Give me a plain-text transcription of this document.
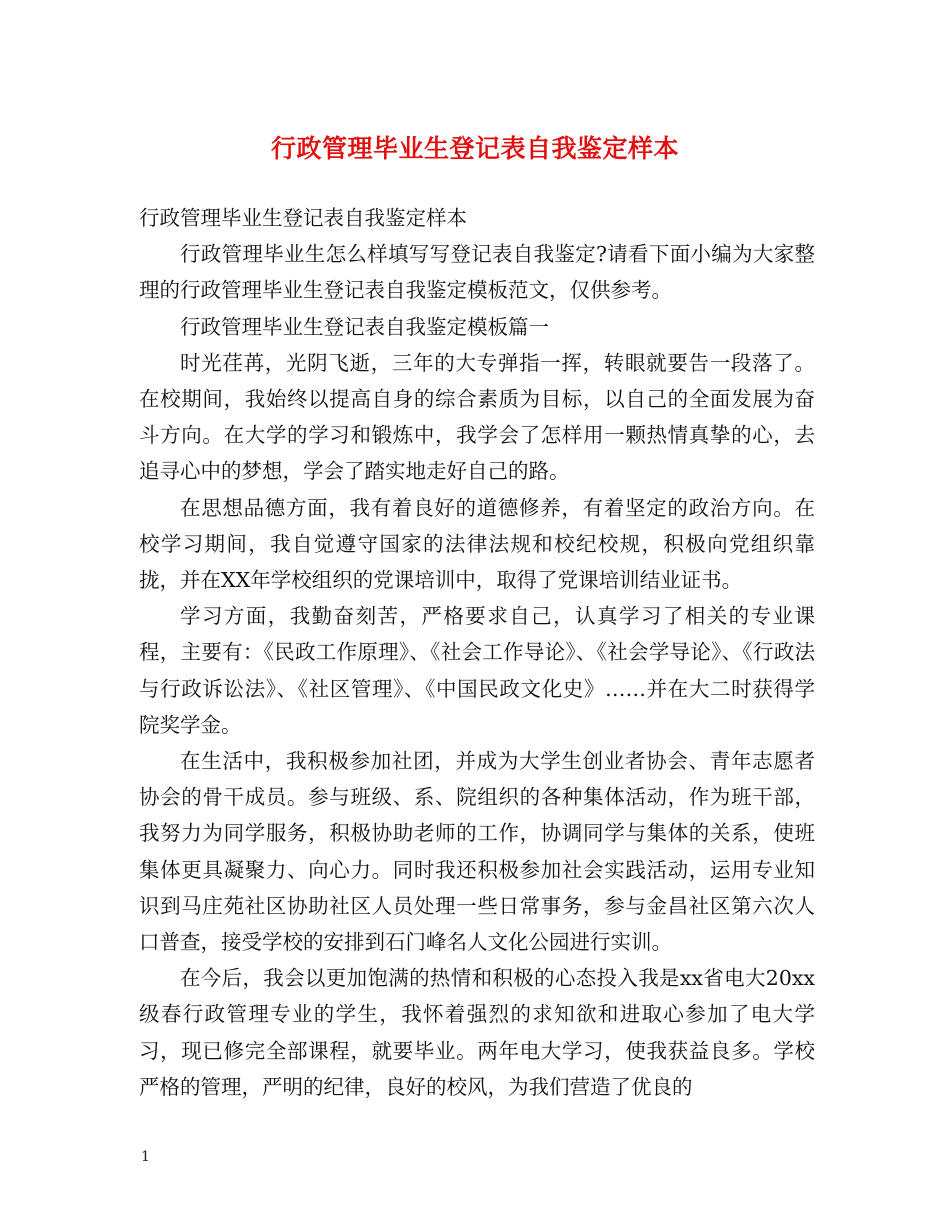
行政管理毕业生登记表自我鉴定样本

行政管理毕业生登记表自我鉴定样本

行政管理毕业生怎么样填写写登记表自我鉴定?请看下面小编为大家整理的行政管理毕业生登记表自我鉴定模板范文，仅供参考。

行政管理毕业生登记表自我鉴定模板篇一

时光荏苒，光阴飞逝，三年的大专弹指一挥，转眼就要告一段落了。在校期间，我始终以提高自身的综合素质为目标，以自己的全面发展为奋斗方向。在大学的学习和锻炼中，我学会了怎样用一颗热情真挚的心，去追寻心中的梦想，学会了踏实地走好自己的路。

在思想品德方面，我有着良好的道德修养，有着坚定的政治方向。在校学习期间，我自觉遵守国家的法律法规和校纪校规，积极向党组织靠拢，并在XX年学校组织的党课培训中，取得了党课培训结业证书。

学习方面，我勤奋刻苦，严格要求自己，认真学习了相关的专业课程，主要有：《民政工作原理》、《社会工作导论》、《社会学导论》、《行政法与行政诉讼法》、《社区管理》、《中国民政文化史》……并在大二时获得学院奖学金。

在生活中，我积极参加社团，并成为大学生创业者协会、青年志愿者协会的骨干成员。参与班级、系、院组织的各种集体活动，作为班干部，我努力为同学服务，积极协助老师的工作，协调同学与集体的关系，使班集体更具凝聚力、向心力。同时我还积极参加社会实践活动，运用专业知识到马庄苑社区协助社区人员处理一些日常事务，参与金昌社区第六次人口普查，接受学校的安排到石门峰名人文化公园进行实训。

在今后，我会以更加饱满的热情和积极的心态投入我是xx省电大20xx级春行政管理专业的学生，我怀着强烈的求知欲和进取心参加了电大学习，现已修完全部课程，就要毕业。两年电大学习，使我获益良多。学校严格的管理，严明的纪律，良好的校风，为我们营造了优良的

1
